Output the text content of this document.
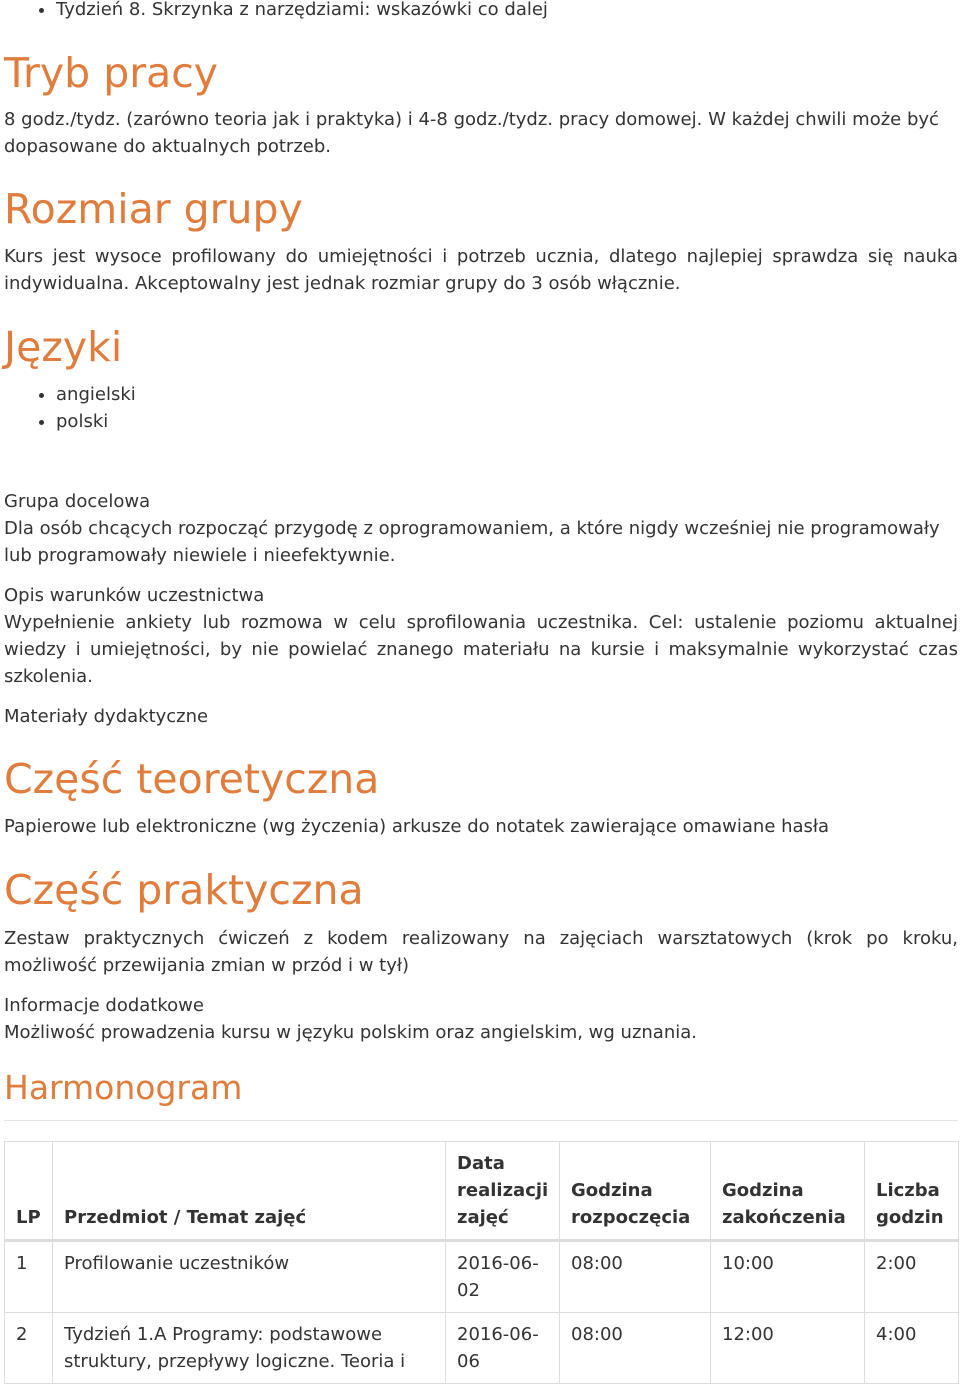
• Tydzień 8. Skrzynka z narzędziami: wskazówki co dalej
Tryb pracy

8 godz./tydz. (zarówno teoria jak i praktyka) i 4-8 godz./tydz. pracy domowej. W każdej chwili może być

dopasowane do aktualnych potrzeb.

Rozmiar grupy

Kurs jest wysoce profilowany do umiejętności i potrzeb ucznia, dlatego najlepiej sprawdza się nauka

indywidualna. Akceptowalny jest jednak rozmiar grupy do 3 osób włącznie.

Języki
• angielski
• polski

Grupa docelowa

Dla osób chcących rozpocząć przygodę z oprogramowaniem, a które nigdy wcześniej nie programowały

lub programowały niewiele i nieefektywnie.

Opis warunków uczestnictwa

Wypełnienie ankiety lub rozmowa w celu sprofilowania uczestnika. Cel: ustalenie poziomu aktualnej

wiedzy i umiejętności, by nie powielać znanego materiału na kursie i maksymalnie wykorzystać czas

szkolenia.

Materiały dydaktyczne

Część teoretyczna

Papierowe lub elektroniczne (wg życzenia) arkusze do notatek zawierające omawiane hasła

Część praktyczna

Zestaw praktycznych ćwiczeń z kodem realizowany na zajęciach warsztatowych (krok po kroku,

możliwość przewijania zmian w przód i w tył)

Informacje dodatkowe

Możliwość prowadzenia kursu w języku polskim oraz angielskim, wg uznania.

Harmonogram
LP	Przedmiot / Temat zajęć	Data realizacji zajęć	Godzina rozpoczęcia	Godzina zakończenia	Liczba godzin
1	Profilowanie uczestników	2016-06-02	08:00	10:00	2:00
2	Tydzień 1.A Programy: podstawowe struktury, przepływy logiczne. Teoria i	2016-06-06	08:00	12:00	4:00
